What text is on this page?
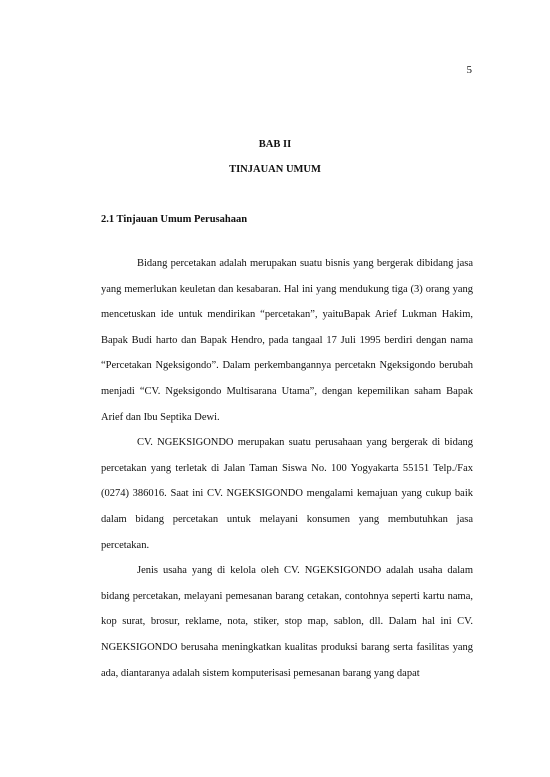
5
BAB II
TINJAUAN UMUM
2.1 Tinjauan Umum Perusahaan

Bidang percetakan adalah merupakan suatu bisnis yang bergerak dibidang jasa yang memerlukan keuletan dan kesabaran. Hal ini yang mendukung tiga (3) orang yang mencetuskan ide untuk mendirikan “percetakan”, yaituBapak Arief Lukman Hakim, Bapak Budi harto dan Bapak Hendro, pada tangaal 17 Juli 1995 berdiri dengan nama “Percetakan Ngeksigondo”. Dalam perkembangannya percetakn Ngeksigondo berubah menjadi “CV. Ngeksigondo Multisarana Utama”, dengan kepemilikan saham Bapak Arief dan Ibu Septika Dewi.

CV. NGEKSIGONDO merupakan suatu perusahaan yang bergerak di bidang percetakan yang terletak di Jalan Taman Siswa No. 100 Yogyakarta 55151 Telp./Fax (0274) 386016. Saat ini CV. NGEKSIGONDO mengalami kemajuan yang cukup baik dalam bidang percetakan untuk melayani konsumen yang membutuhkan jasa percetakan.

Jenis usaha yang di kelola oleh CV. NGEKSIGONDO adalah usaha dalam bidang percetakan, melayani pemesanan barang cetakan, contohnya seperti kartu nama, kop surat, brosur, reklame, nota, stiker, stop map, sablon, dll. Dalam hal ini CV. NGEKSIGONDO berusaha meningkatkan kualitas produksi barang serta fasilitas yang ada, diantaranya adalah sistem komputerisasi pemesanan barang yang dapat
